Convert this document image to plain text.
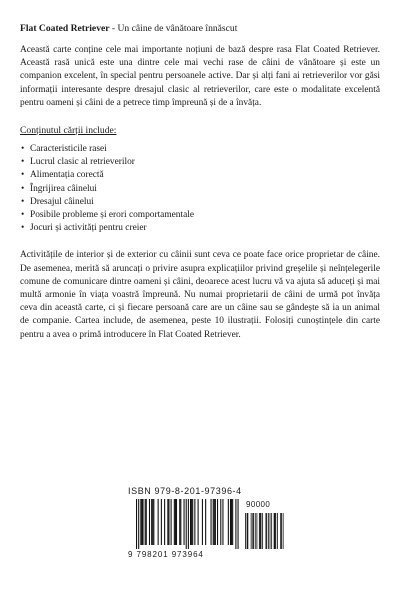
Flat Coated Retriever - Un câine de vânătoare înnăscut

Această carte conține cele mai importante noțiuni de bază despre rasa Flat Coated Retriever. Această rasă unică este una dintre cele mai vechi rase de câini de vânătoare și este un companion excelent, în special pentru persoanele active. Dar și alți fani ai retrieverilor vor găsi informații interesante despre dresajul clasic al retrieverilor, care este o modalitate excelentă pentru oameni și câini de a petrece timp împreună și de a învăța.

Conținutul cărții include:

• Caracteristicile rasei
• Lucrul clasic al retrieverilor
• Alimentația corectă
• Îngrijirea câinelui
• Dresajul câinelui
• Posibile probleme și erori comportamentale
• Jocuri și activități pentru creier

Activitățile de interior și de exterior cu câinii sunt ceva ce poate face orice proprietar de câine. De asemenea, merită să aruncați o privire asupra explicațiilor privind greșelile și neînțelegerile comune de comunicare dintre oameni și câini, deoarece acest lucru vă va ajuta să aduceți și mai multă armonie în viața voastră împreună. Nu numai proprietarii de câini de urmă pot învăța ceva din această carte, ci și fiecare persoană care are un câine sau se gândește să ia un animal de companie. Cartea include, de asemenea, peste 10 ilustrații. Folosiți cunoștințele din carte pentru a avea o primă introducere în Flat Coated Retriever.

ISBN 979-8-201-97396-4
90000
9 798201 973964
